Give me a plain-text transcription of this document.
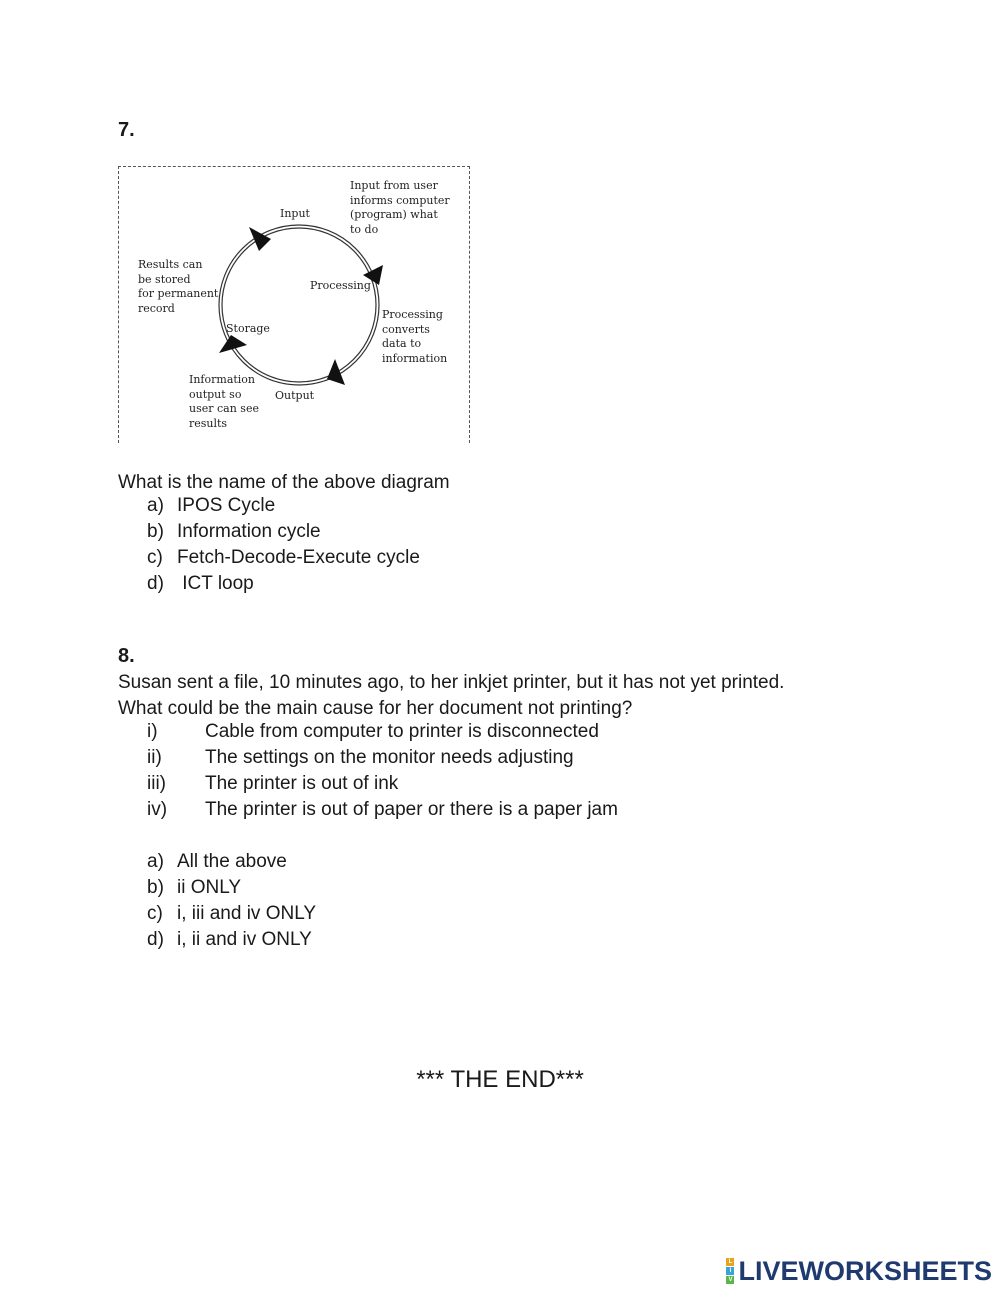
7.
Input
Processing
Output
Storage
Input from user
informs computer
(program) what
to do
Processing
converts
data to
information
Information
output so
user can see
results
Results can
be stored
for permanent
record
What is the name of the above diagram
a) IPOS Cycle
b) Information cycle
c) Fetch-Decode-Execute cycle
d) ICT loop
8.
Susan sent a file, 10 minutes ago, to her inkjet printer, but it has not yet printed.
What could be the main cause for her document not printing?
i) Cable from computer to printer is disconnected
ii) The settings on the monitor needs adjusting
iii) The printer is out of ink
iv) The printer is out of paper or there is a paper jam
a) All the above
b) ii ONLY
c) i, iii and iv ONLY
d) i, ii and iv ONLY
*** THE END***
L
I
V LIVEWORKSHEETS
